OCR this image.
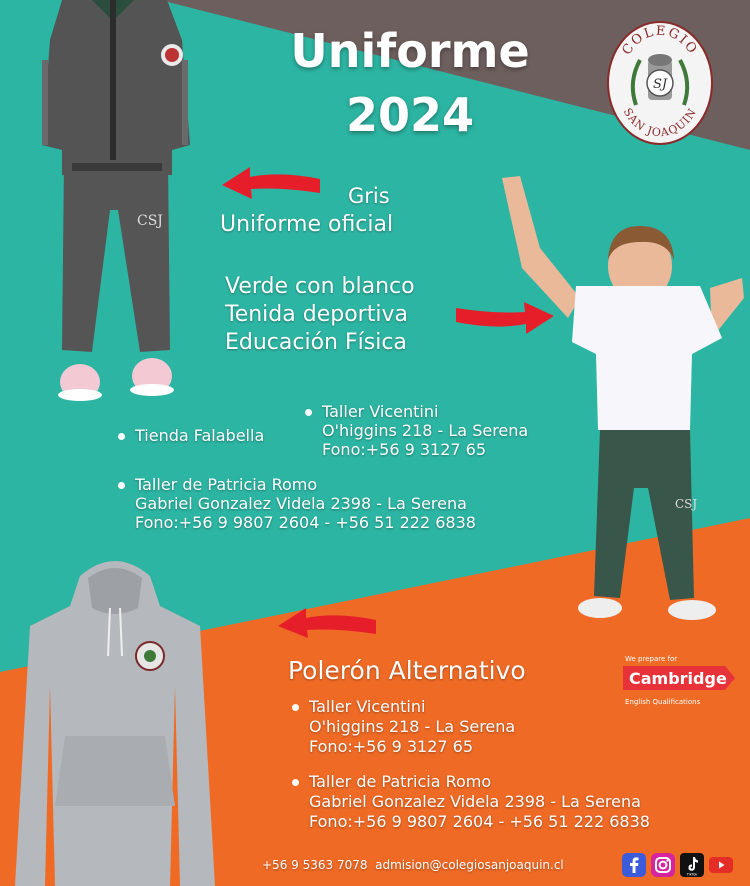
CSJ
Uniforme
2024
COLEGIO
SAN JOAQUIN
SJ
Gris
Uniforme oficial
Verde con blanco
Tenida deportiva
Educación Física
CSJ
Tienda Falabella
Taller Vicentini
O'higgins 218 - La Serena
Fono:+56 9 3127 65
Taller de Patricia Romo
Gabriel Gonzalez Videla 2398 - La Serena
Fono:+56 9 9807 2604 - +56 51 222 6838
Polerón Alternativo	We prepare for
Cambridge
English Qualifications
Taller Vicentini
O'higgins 218 - La Serena
Fono:+56 9 3127 65
Taller de Patricia Romo
Gabriel Gonzalez Videla 2398 - La Serena
Fono:+56 9 9807 2604 - +56 51 222 6838
+56 9 5363 7078 admision@colegiosanjoaquin.cl
TikTok
